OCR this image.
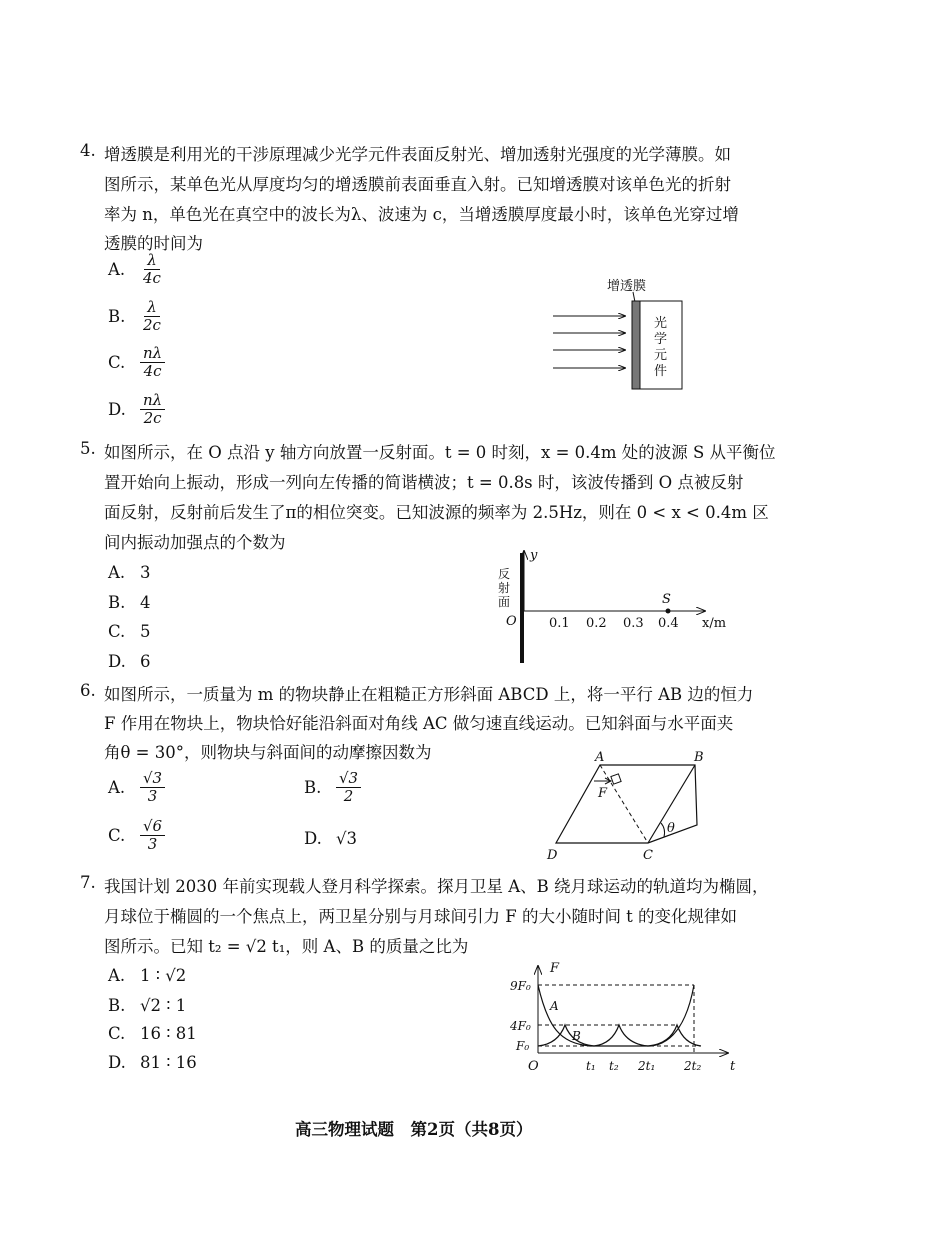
4. 增透膜是利用光的干涉原理减少光学元件表面反射光、增加透射光强度的光学薄膜。如
图所示，某单色光从厚度均匀的增透膜前表面垂直入射。已知增透膜对该单色光的折射
率为 n，单色光在真空中的波长为λ、波速为 c，当增透膜厚度最小时，该单色光穿过增
透膜的时间为
A. $\frac{\lambda}{4c}$
B. $\frac{\lambda}{2c}$
C. $\frac{n\lambda}{4c}$
D. $\frac{n\lambda}{2c}$
增透膜
光
学
元
件
5. 如图所示，在 O 点沿 y 轴方向放置一反射面。t = 0 时刻，x = 0.4m 处的波源 S 从平衡位
置开始向上振动，形成一列向左传播的简谐横波；t = 0.8s 时，该波传播到 O 点被反射
面反射，反射前后发生了π的相位突变。已知波源的频率为 2.5Hz，则在 0 < x < 0.4m 区
间内振动加强点的个数为
A. 3
B. 4
C. 5
D. 6
y
x/m
O
反
射
面
0.1 0.2 0.3 0.4
S
6. 如图所示，一质量为 m 的物块静止在粗糙正方形斜面 ABCD 上，将一平行 AB 边的恒力
F 作用在物块上，物块恰好能沿斜面对角线 AC 做匀速直线运动。已知斜面与水平面夹
角θ = 30°，则物块与斜面间的动摩擦因数为
A. $\frac{√3}{3}$	B. $\frac{√3}{2}$
C. $\frac{√6}{3}$	D. √3
A	B
C
D
F
θ
7. 我国计划 2030 年前实现载人登月科学探索。探月卫星 A、B 绕月球运动的轨道均为椭圆，
月球位于椭圆的一个焦点上，两卫星分别与月球间引力 F 的大小随时间 t 的变化规律如
图所示。已知 t₂ = √2 t₁，则 A、B 的质量之比为
A. 1 ∶ √2
B. √2 ∶ 1
C. 16 ∶ 81
D. 81 ∶ 16
F
t
O
9F₀
4F₀
F₀
t₁ t₂ 2t₁ 2t₂
A
B
高三物理试题　第2页（共8页）
